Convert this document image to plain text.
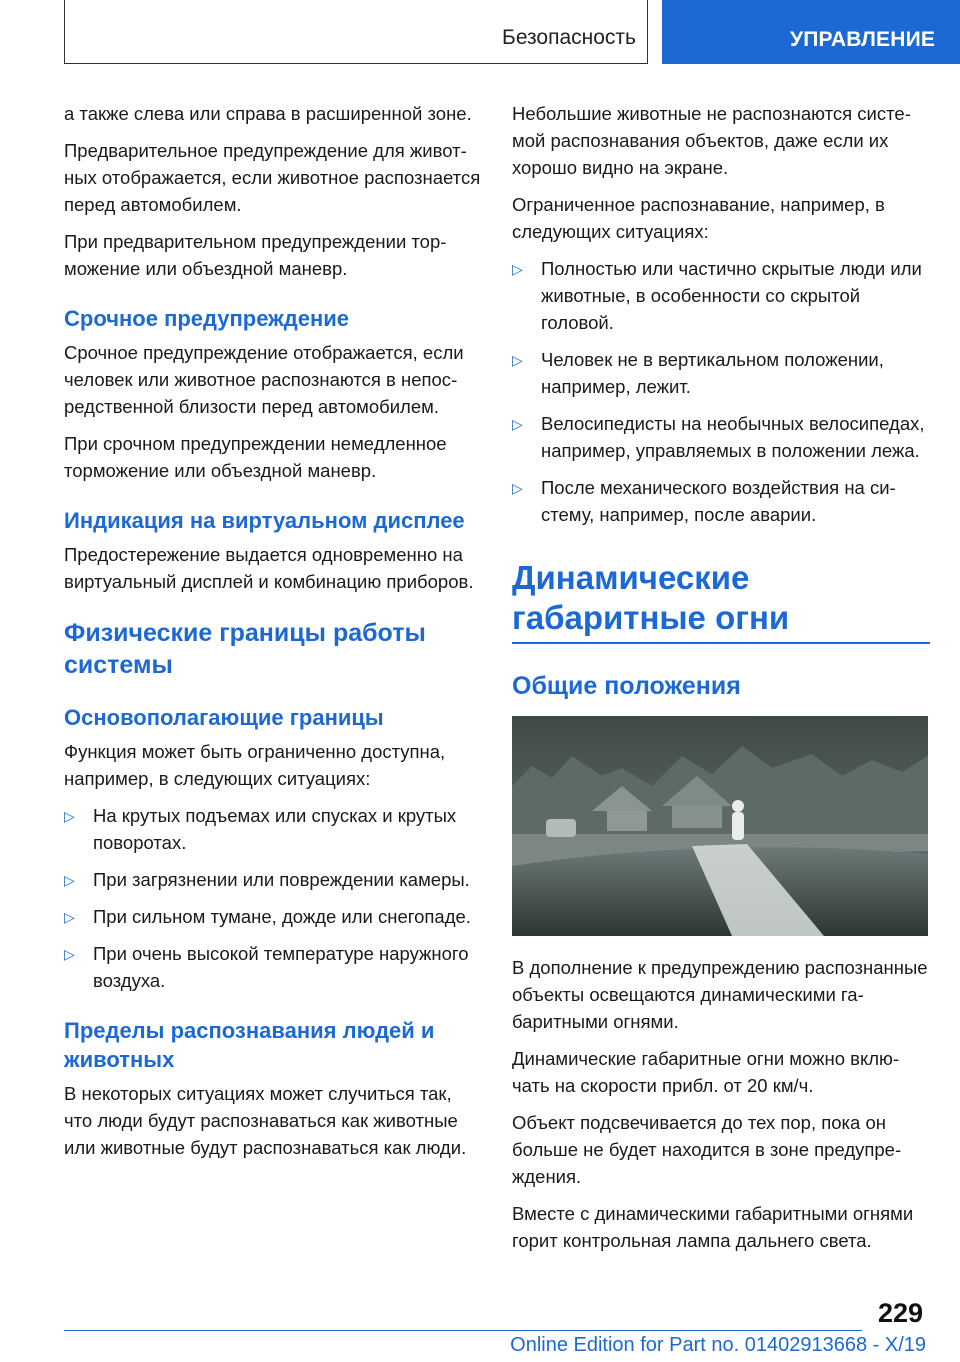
Безопасность	УПРАВЛЕНИЕ

а также слева или справа в расширенной зоне.

Предварительное предупреждение для животных отображается, если животное распознается перед автомобилем.

При предварительном предупреждении торможение или объездной маневр.

Срочное предупреждение

Срочное предупреждение отображается, если человек или животное распознаются в непосредственной близости перед автомобилем.

При срочном предупреждении немедленное торможение или объездной маневр.

Индикация на виртуальном дисплее

Предостережение выдается одновременно на виртуальный дисплей и комбинацию приборов.

Физические границы работы системы
Основополагающие границы

Функция может быть ограниченно доступна, например, в следующих ситуациях:

▷ На крутых подъемах или спусках и крутых поворотах.
▷ При загрязнении или повреждении камеры.
▷ При сильном тумане, дожде или снегопаде.
▷ При очень высокой температуре наружного воздуха.
Пределы распознавания людей и животных

В некоторых ситуациях может случиться так, что люди будут распознаваться как животные или животные будут распознаваться как люди.

Небольшие животные не распознаются системой распознавания объектов, даже если их хорошо видно на экране.

Ограниченное распознавание, например, в следующих ситуациях:

▷ Полностью или частично скрытые люди или животные, в особенности со скрытой головой.
▷ Человек не в вертикальном положении, например, лежит.
▷ Велосипедисты на необычных велосипедах, например, управляемых в положении лежа.
▷ После механического воздействия на систему, например, после аварии.
Динамические габаритные огни
Общие положения

В дополнение к предупреждению распознанные объекты освещаются динамическими габаритными огнями.

Динамические габаритные огни можно включать на скорости прибл. от 20 км/ч.

Объект подсвечивается до тех пор, пока он больше не будет находится в зоне предупреждения.

Вместе с динамическими габаритными огнями горит контрольная лампа дальнего света.

229
Online Edition for Part no. 01402913668 - X/19
